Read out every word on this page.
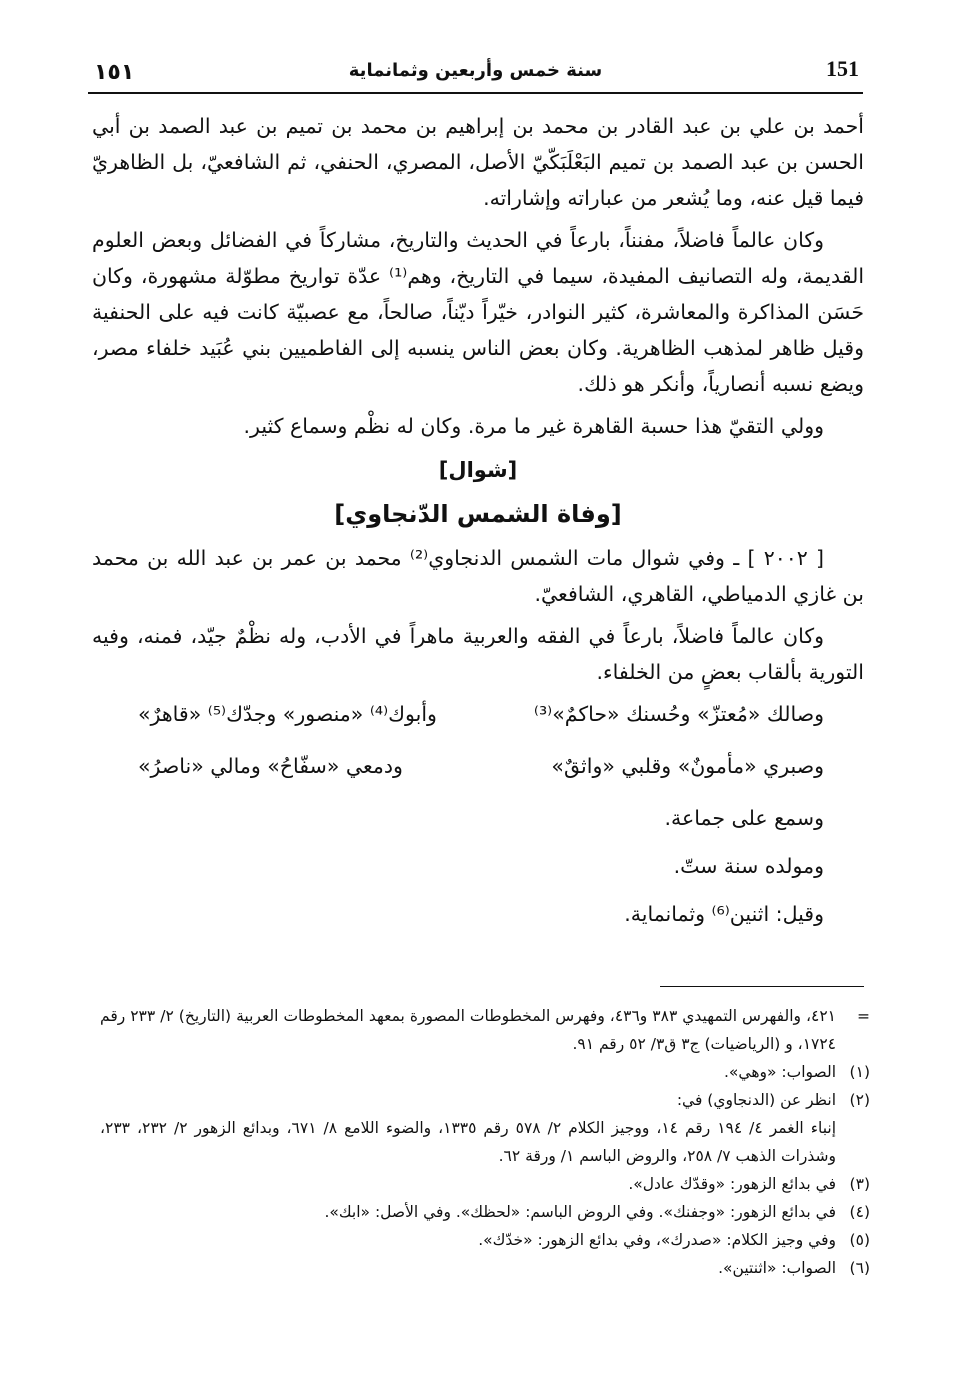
١٥١	سنة خمس وأربعين وثمانماية	151

أحمد بن علي بن عبد القادر بن محمد بن إبراهيم بن محمد بن تميم بن عبد الصمد بن أبي الحسن بن عبد الصمد بن تميم البَعْلَبَكّيّ الأصل، المصري، الحنفي، ثم الشافعيّ، بل الظاهريّ فيما قيل عنه، وما يُشعر من عباراته وإشاراته.

وكان عالماً فاضلاً، مفنناً، بارعاً في الحديث والتاريخ، مشاركاً في الفضائل وبعض العلوم القديمة، وله التصانيف المفيدة، سيما في التاريخ، وهم⁽¹⁾ عدّة تواريخ مطوّلة مشهورة، وكان حَسَن المذاكرة والمعاشرة، كثير النوادر، خيّراً ديّناً، صالحاً، مع عصبيّة كانت فيه على الحنفية وقيل ظاهر لمذهب الظاهرية. وكان بعض الناس ينسبه إلى الفاطميين بني عُبَيد خلفاء مصر، ويضع نسبه أنصارياً، وأنكر هو ذلك.

وولي التقيّ هذا حسبة القاهرة غير ما مرة. وكان له نظْم وسماع كثير.

[شوال]
[وفاة الشمس الدّنجاوي]

[ ٢٠٠٢ ] ـ وفي شوال مات الشمس الدنجاوي⁽²⁾ محمد بن عمر بن عبد الله بن محمد بن غازي الدمياطي، القاهري، الشافعيّ.

وكان عالماً فاضلاً، بارعاً في الفقه والعربية ماهراً في الأدب، وله نظْمٌ جيّد، فمنه، وفيه التورية بألقاب بعضٍ من الخلفاء.

وصالك «مُعتزّ» وحُسنك «حاكمٌ»⁽³⁾
وأبوك⁽⁴⁾ «منصور» وجدّك⁽⁵⁾ «قاهرٌ»
وصبري «مأمونٌ» وقلبي «واثقٌ»
ودمعي «سفّاحُ» ومالي «ناصرُ»
وسمع على جماعة.
ومولده سنة ستّ.
وقيل: اثنين⁽⁶⁾ وثمانماية.
=
٤٢١، والفهرس التمهيدي ٣٨٣ و٤٣٦، وفهرس المخطوطات المصورة بمعهد المخطوطات العربية (التاريخ) ٢/ ٢٣٣ رقم ١٧٢٤، و (الرياضيات) ج٣ ق٣/ ٥٢ رقم ٩١.
(١)
الصواب: «وهي».
(٢)
انظر عن (الدنجاوي) في:
إنباء الغمر ٤/ ١٩٤ رقم ١٤، ووجيز الكلام ٢/ ٥٧٨ رقم ١٣٣٥، والضوء اللامع ٨/ ٦٧١، وبدائع الزهور ٢/ ٢٣٢، ٢٣٣، وشذرات الذهب ٧/ ٢٥٨، والروض الباسم ١/ ورقة ٦٢.
(٣)
في بدائع الزهور: «وقدّك عادل».
(٤)
في بدائع الزهور: «وجفنك». وفي الروض الباسم: «لحظك». وفي الأصل: «ابك».
(٥)
وفي وجيز الكلام: «صدرك»، وفي بدائع الزهور: «خدّك».
(٦)
الصواب: «اثنتين».
